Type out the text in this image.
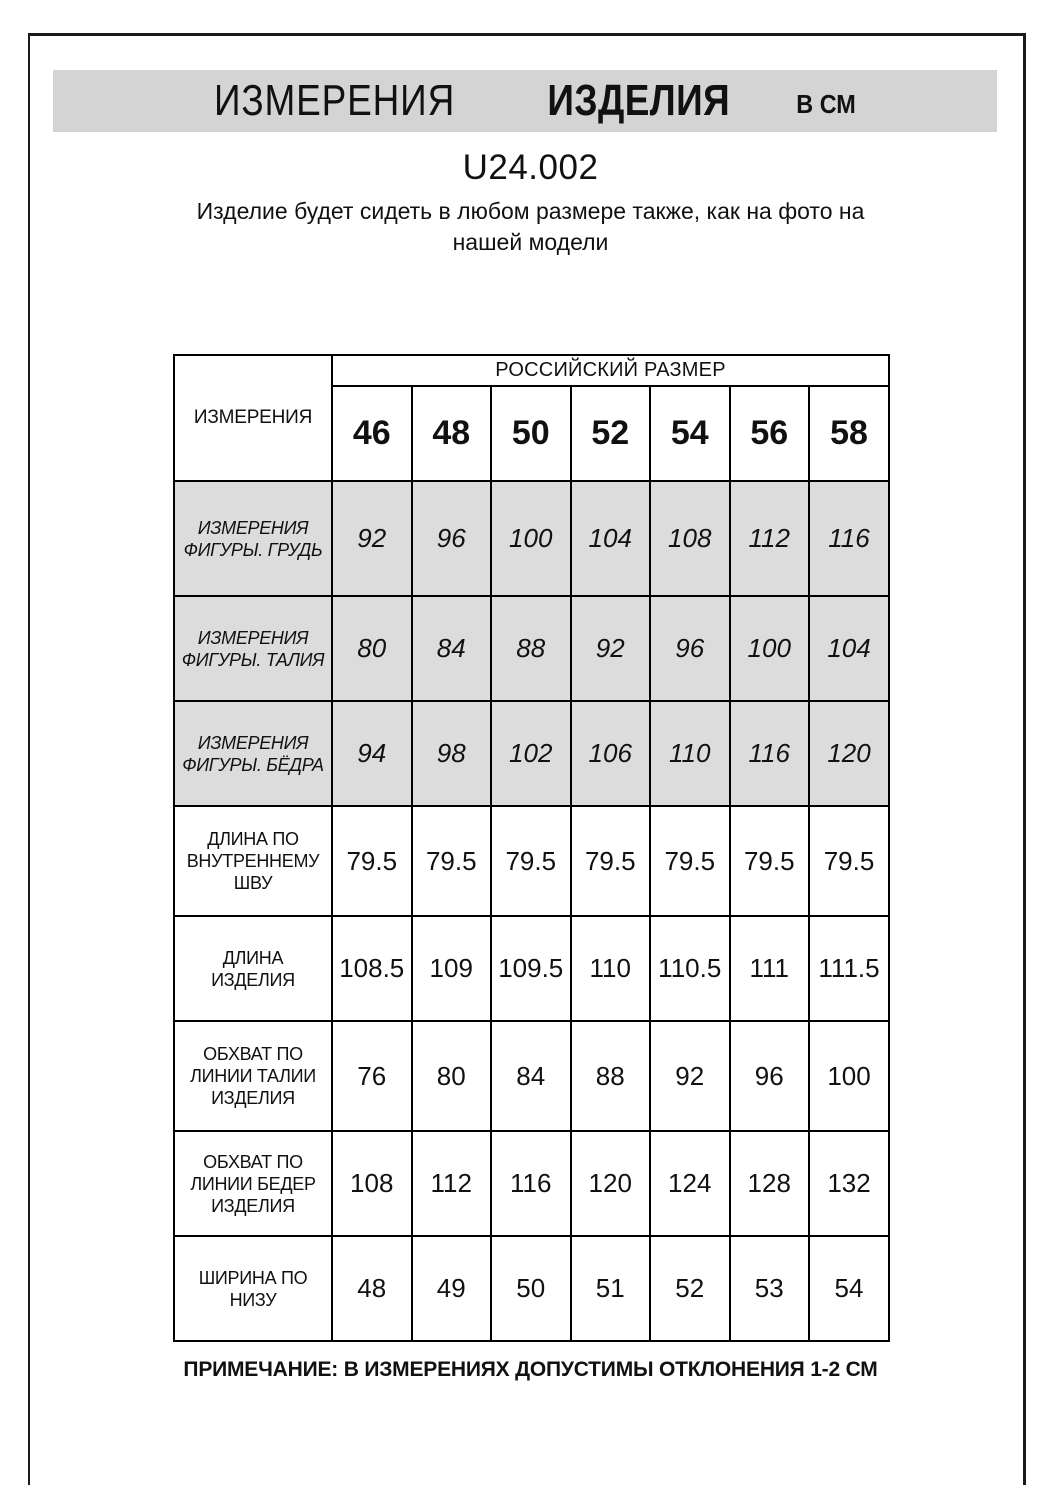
ИЗМЕРЕНИЯ ИЗДЕЛИЯ	В СМ
U24.002
Изделие будет сидеть в любом размере также, как на фото на нашей модели
ИЗМЕРЕНИЯ	РОССИЙСКИЙ РАЗМЕР						
	46	48	50	52	54	56	58
ИЗМЕРЕНИЯ ФИГУРЫ. ГРУДЬ	92	96	100	104	108	112	116
ИЗМЕРЕНИЯ ФИГУРЫ. ТАЛИЯ	80	84	88	92	96	100	104
ИЗМЕРЕНИЯ ФИГУРЫ. БЁДРА	94	98	102	106	110	116	120
ДЛИНА ПО ВНУТРЕННЕМУ ШВУ	79.5	79.5	79.5	79.5	79.5	79.5	79.5
ДЛИНА ИЗДЕЛИЯ	108.5	109	109.5	110	110.5	111	111.5
ОБХВАТ ПО ЛИНИИ ТАЛИИ ИЗДЕЛИЯ	76	80	84	88	92	96	100
ОБХВАТ ПО ЛИНИИ БЕДЕР ИЗДЕЛИЯ	108	112	116	120	124	128	132
ШИРИНА ПО НИЗУ	48	49	50	51	52	53	54
ПРИМЕЧАНИЕ: В ИЗМЕРЕНИЯХ ДОПУСТИМЫ ОТКЛОНЕНИЯ 1-2 СМ
